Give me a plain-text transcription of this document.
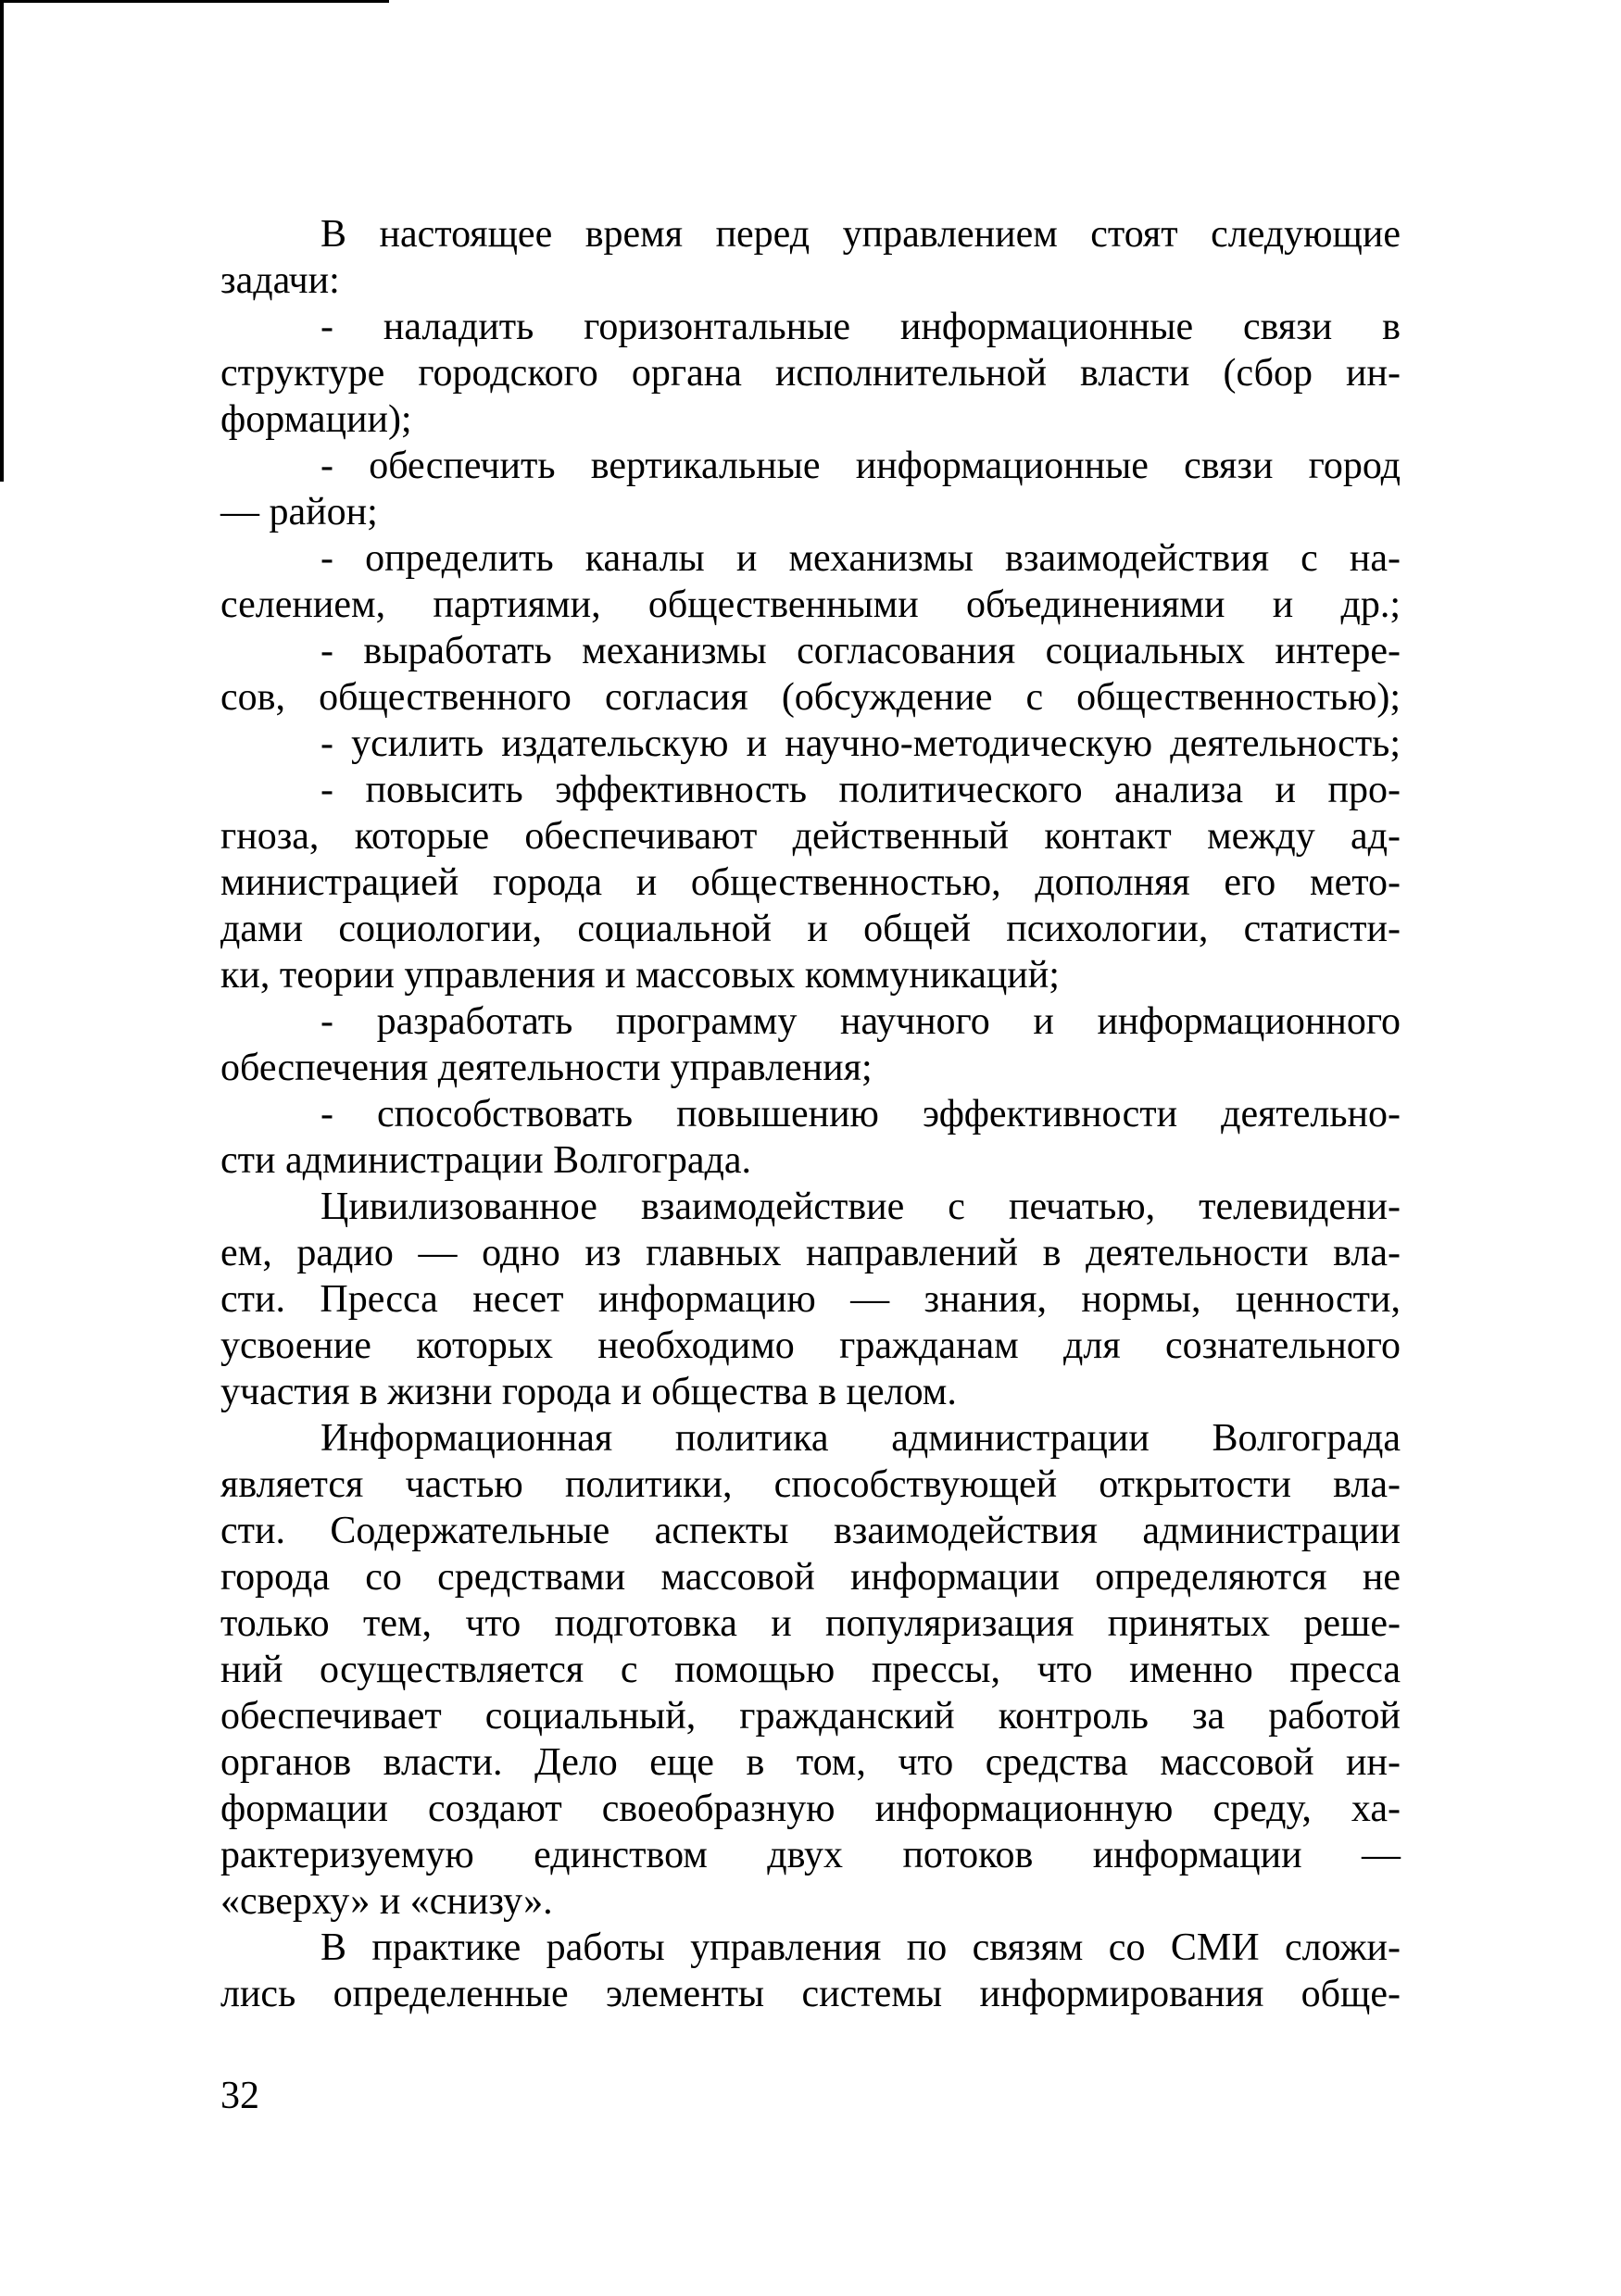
В настоящее время перед управлением стоят следующие
задачи:
- наладить горизонтальные информационные связи в
структуре городского органа исполнительной власти (сбор ин-
формации);
- обеспечить вертикальные информационные связи город
— район;
- определить каналы и механизмы взаимодействия с на-
селением, партиями, общественными объединениями и др.;
- выработать механизмы согласования социальных интере-
сов, общественного согласия (обсуждение с общественностью);
- усилить издательскую и научно-методическую деятельность;
- повысить эффективность политического анализа и про-
гноза, которые обеспечивают действенный контакт между ад-
министрацией города и общественностью, дополняя его мето-
дами социологии, социальной и общей психологии, статисти-
ки, теории управления и массовых коммуникаций;
- разработать программу научного и информационного
обеспечения деятельности управления;
- способствовать повышению эффективности деятельно-
сти администрации Волгограда.
Цивилизованное взаимодействие с печатью, телевидени-
ем, радио — одно из главных направлений в деятельности вла-
сти. Пресса несет информацию — знания, нормы, ценности,
усвоение которых необходимо гражданам для сознательного
участия в жизни города и общества в целом.
Информационная политика администрации Волгограда
является частью политики, способствующей открытости вла-
сти. Содержательные аспекты взаимодействия администрации
города со средствами массовой информации определяются не
только тем, что подготовка и популяризация принятых реше-
ний осуществляется с помощью прессы, что именно пресса
обеспечивает социальный, гражданский контроль за работой
органов власти. Дело еще в том, что средства массовой ин-
формации создают своеобразную информационную среду, ха-
рактеризуемую единством двух потоков информации —
«сверху» и «снизу».
В практике работы управления по связям со СМИ сложи-
лись определенные элементы системы информирования обще-
32
